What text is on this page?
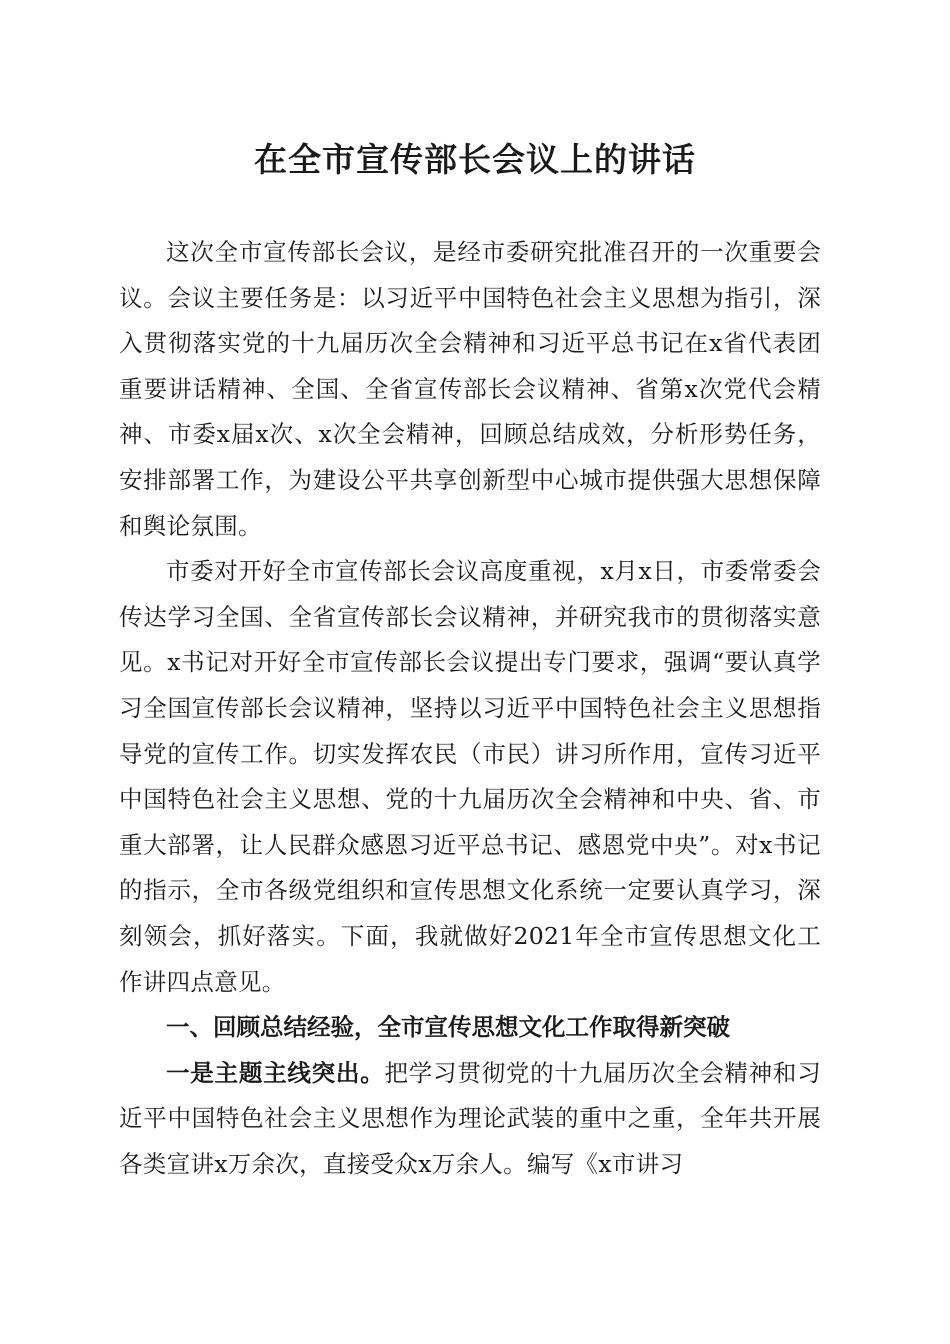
在全市宣传部长会议上的讲话

这次全市宣传部长会议，是经市委研究批准召开的一次重要会议。会议主要任务是：以习近平中国特色社会主义思想为指引，深入贯彻落实党的十九届历次全会精神和习近平总书记在x省代表团重要讲话精神、全国、全省宣传部长会议精神、省第x次党代会精神、市委x届x次、x次全会精神，回顾总结成效，分析形势任务，安排部署工作，为建设公平共享创新型中心城市提供强大思想保障和舆论氛围。

市委对开好全市宣传部长会议高度重视，x月x日，市委常委会传达学习全国、全省宣传部长会议精神，并研究我市的贯彻落实意见。x书记对开好全市宣传部长会议提出专门要求，强调“要认真学习全国宣传部长会议精神，坚持以习近平中国特色社会主义思想指导党的宣传工作。切实发挥农民（市民）讲习所作用，宣传习近平中国特色社会主义思想、党的十九届历次全会精神和中央、省、市重大部署，让人民群众感恩习近平总书记、感恩党中央”。对x书记的指示，全市各级党组织和宣传思想文化系统一定要认真学习，深刻领会，抓好落实。下面，我就做好2021年全市宣传思想文化工作讲四点意见。

一、回顾总结经验，全市宣传思想文化工作取得新突破

一是主题主线突出。把学习贯彻党的十九届历次全会精神和习近平中国特色社会主义思想作为理论武装的重中之重，全年共开展各类宣讲x万余次，直接受众x万余人。编写《x市讲习
